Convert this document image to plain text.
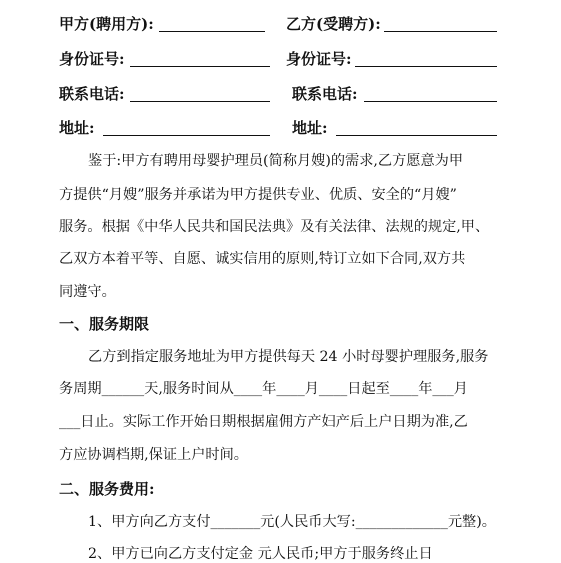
甲方(聘用方):	乙方(受聘方):
身份证号:	身份证号:
联系电话:	联系电话:
地址:	地址:
鉴于:甲方有聘用母婴护理员(简称月嫂)的需求,乙方愿意为甲
方提供“月嫂”服务并承诺为甲方提供专业、优质、安全的“月嫂”
服务。根据《中华人民共和国民法典》及有关法律、法规的规定,甲、
乙双方本着平等、自愿、诚实信用的原则,特订立如下合同,双方共
同遵守。
一、服务期限
乙方到指定服务地址为甲方提供每天 24 小时母婴护理服务,服务
务周期______天,服务时间从____年____月____日起至____年___月
___日止。实际工作开始日期根据雇佣方产妇产后上户日期为准,乙
方应协调档期,保证上户时间。
二、服务费用:
1、甲方向乙方支付_______元(人民币大写:_____________元整)。
2、甲方已向乙方支付定金 元人民币;甲方于服务终止日
